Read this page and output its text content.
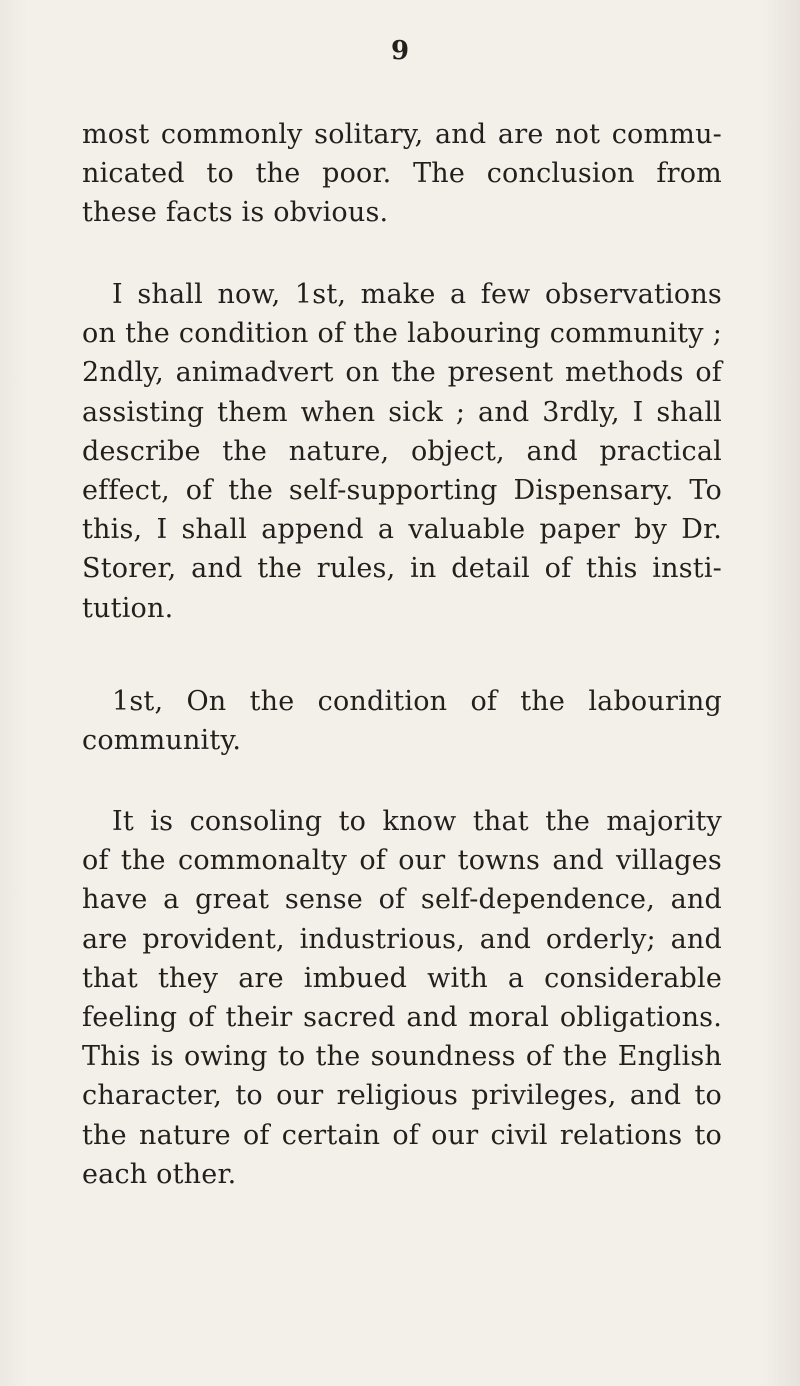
9
most commonly solitary, and are not commu-
nicated to the poor. The conclusion from
these facts is obvious.
I shall now, 1st, make a few observations
on the condition of the labouring community ;
2ndly, animadvert on the present methods of
assisting them when sick ; and 3rdly, I shall
describe the nature, object, and practical
effect, of the self-supporting Dispensary. To
this, I shall append a valuable paper by Dr.
Storer, and the rules, in detail of this insti-
tution.
1st, On the condition of the labouring
community.
It is consoling to know that the majority
of the commonalty of our towns and villages
have a great sense of self-dependence, and
are provident, industrious, and orderly; and
that they are imbued with a considerable
feeling of their sacred and moral obligations.
This is owing to the soundness of the English
character, to our religious privileges, and to
the nature of certain of our civil relations to
each other.
